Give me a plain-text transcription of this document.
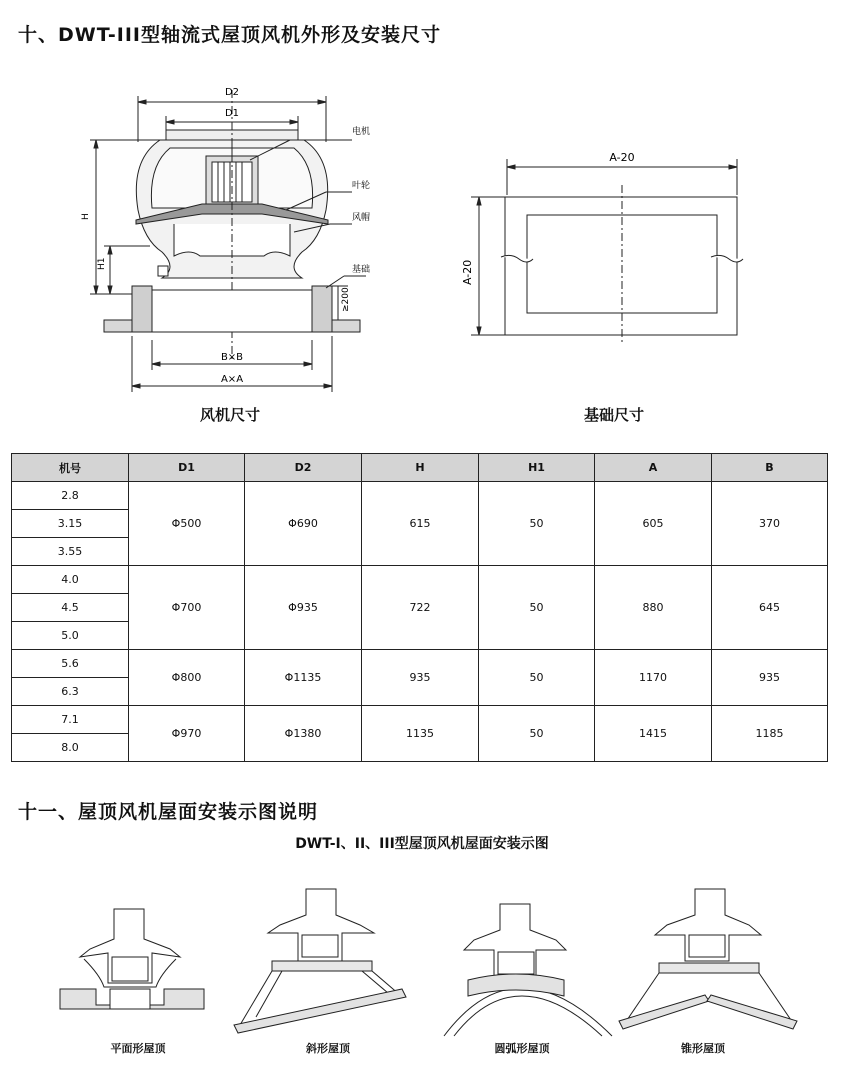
十、DWT-III型轴流式屋顶风机外形及安装尺寸
D2
D1
H
H1
≥200
B×B
A×A
电机
叶轮
风帽
基础
风机尺寸
A-20
A-20
基础尺寸
机号	D1	D2	H	H1	A	B
2.8	Φ500	Φ690	615	50	605	370
3.15						
3.55						
4.0	Φ700	Φ935	722	50	880	645
4.5						
5.0						
5.6	Φ800	Φ1135	935	50	1170	935
6.3						
7.1	Φ970	Φ1380	1135	50	1415	1185
8.0						
十一、屋顶风机屋面安装示图说明
DWT-I、II、III型屋顶风机屋面安装示图
平面形屋顶	斜形屋顶	圆弧形屋顶	锥形屋顶
